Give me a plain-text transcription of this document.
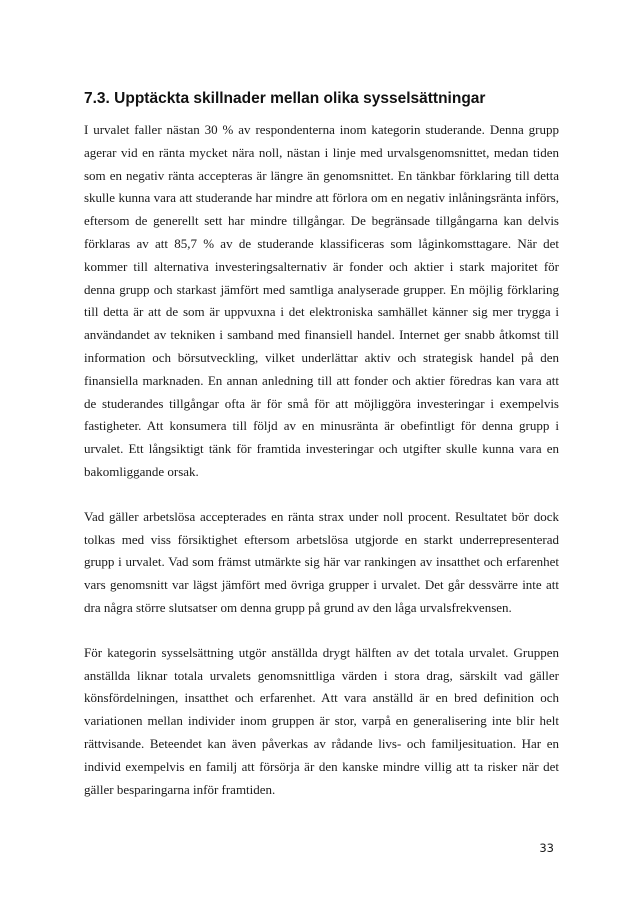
7.3. Upptäckta skillnader mellan olika sysselsättningar

I urvalet faller nästan 30 % av respondenterna inom kategorin studerande. Denna grupp agerar vid en ränta mycket nära noll, nästan i linje med urvalsgenomsnittet, medan tiden som en negativ ränta accepteras är längre än genomsnittet. En tänkbar förklaring till detta skulle kunna vara att studerande har mindre att förlora om en negativ inlåningsränta införs, eftersom de generellt sett har mindre tillgångar. De begränsade tillgångarna kan delvis förklaras av att 85,7 % av de studerande klassificeras som låginkomsttagare. När det kommer till alternativa investeringsalternativ är fonder och aktier i stark majoritet för denna grupp och starkast jämfört med samtliga analyserade grupper. En möjlig förklaring till detta är att de som är uppvuxna i det elektroniska samhället känner sig mer trygga i användandet av tekniken i samband med finansiell handel. Internet ger snabb åtkomst till information och börsutveckling, vilket underlättar aktiv och strategisk handel på den finansiella marknaden. En annan anledning till att fonder och aktier föredras kan vara att de studerandes tillgångar ofta är för små för att möjliggöra investeringar i exempelvis fastigheter. Att konsumera till följd av en minusränta är obefintligt för denna grupp i urvalet. Ett långsiktigt tänk för framtida investeringar och utgifter skulle kunna vara en bakomliggande orsak.

Vad gäller arbetslösa accepterades en ränta strax under noll procent. Resultatet bör dock tolkas med viss försiktighet eftersom arbetslösa utgjorde en starkt underrepresenterad grupp i urvalet. Vad som främst utmärkte sig här var rankingen av insatthet och erfarenhet vars genomsnitt var lägst jämfört med övriga grupper i urvalet. Det går dessvärre inte att dra några större slutsatser om denna grupp på grund av den låga urvalsfrekvensen.

För kategorin sysselsättning utgör anställda drygt hälften av det totala urvalet. Gruppen anställda liknar totala urvalets genomsnittliga värden i stora drag, särskilt vad gäller könsfördelningen, insatthet och erfarenhet. Att vara anställd är en bred definition och variationen mellan individer inom gruppen är stor, varpå en generalisering inte blir helt rättvisande. Beteendet kan även påverkas av rådande livs- och familjesituation. Har en individ exempelvis en familj att försörja är den kanske mindre villig att ta risker när det gäller besparingarna inför framtiden.

33
